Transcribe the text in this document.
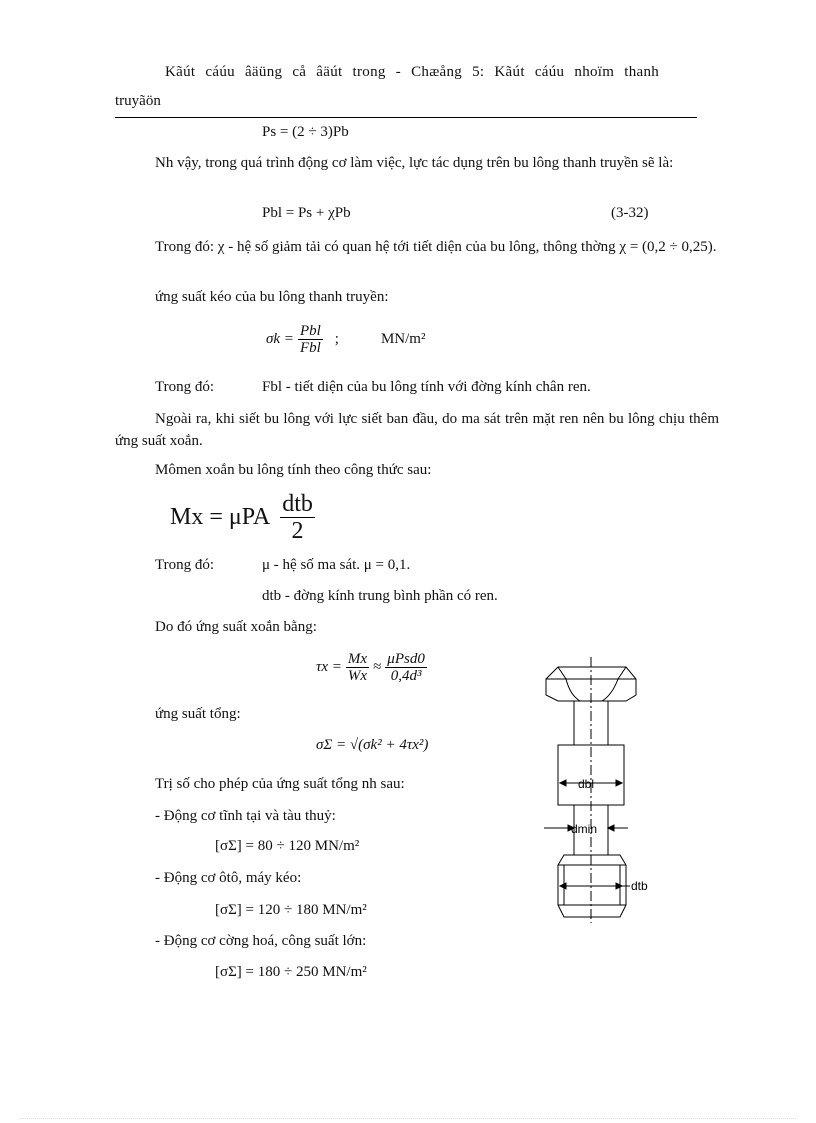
Kãút cáúu âäüng cå âäút trong - Chæång 5: Kãút cáúu nhoïm thanh
truyãön
Ps = (2 ÷ 3)Pb
Nh vậy, trong quá trình động cơ làm việc, lực tác dụng trên bu lông thanh truyền sẽ là:
Pbl = Ps + χPb	(3-32)
Trong đó: χ - hệ số giảm tải có quan hệ tới tiết diện của bu lông, thông thờng χ = (0,2 ÷ 0,25).
ứng suất kéo của bu lông thanh truyền:
$\sigma k = \frac{\text{Pbl}}{\text{Fbl}}$ ;	MN/m²
Trong đó:	Fbl - tiết diện của bu lông tính với đờng kính chân ren.
Ngoài ra, khi siết bu lông với lực siết ban đầu, do ma sát trên mặt ren nên bu lông chịu thêm ứng suất xoắn.
Mômen xoắn bu lông tính theo công thức sau:
Mx = μPA $\frac{\text{dtb}}{2}$
Trong đó:	μ - hệ số ma sát. μ = 0,1.
dtb - đờng kính trung bình phần có ren.
Do đó ứng suất xoắn bằng:
$\tau x = \frac{Mx}{Wx} \approx \frac{\text{μPsd0}}{\text{0,4d³}}$
ứng suất tổng:
σΣ = √(σk² + 4τx²)
Trị số cho phép của ứng suất tổng nh sau:
- Động cơ tĩnh tại và tàu thuỷ:
[σΣ] = 80 ÷ 120 MN/m²
- Động cơ ôtô, máy kéo:
[σΣ] = 120 ÷ 180 MN/m²
- Động cơ cờng hoá, công suất lớn:
[σΣ] = 180 ÷ 250 MN/m²
dbl
dmin
dtb
